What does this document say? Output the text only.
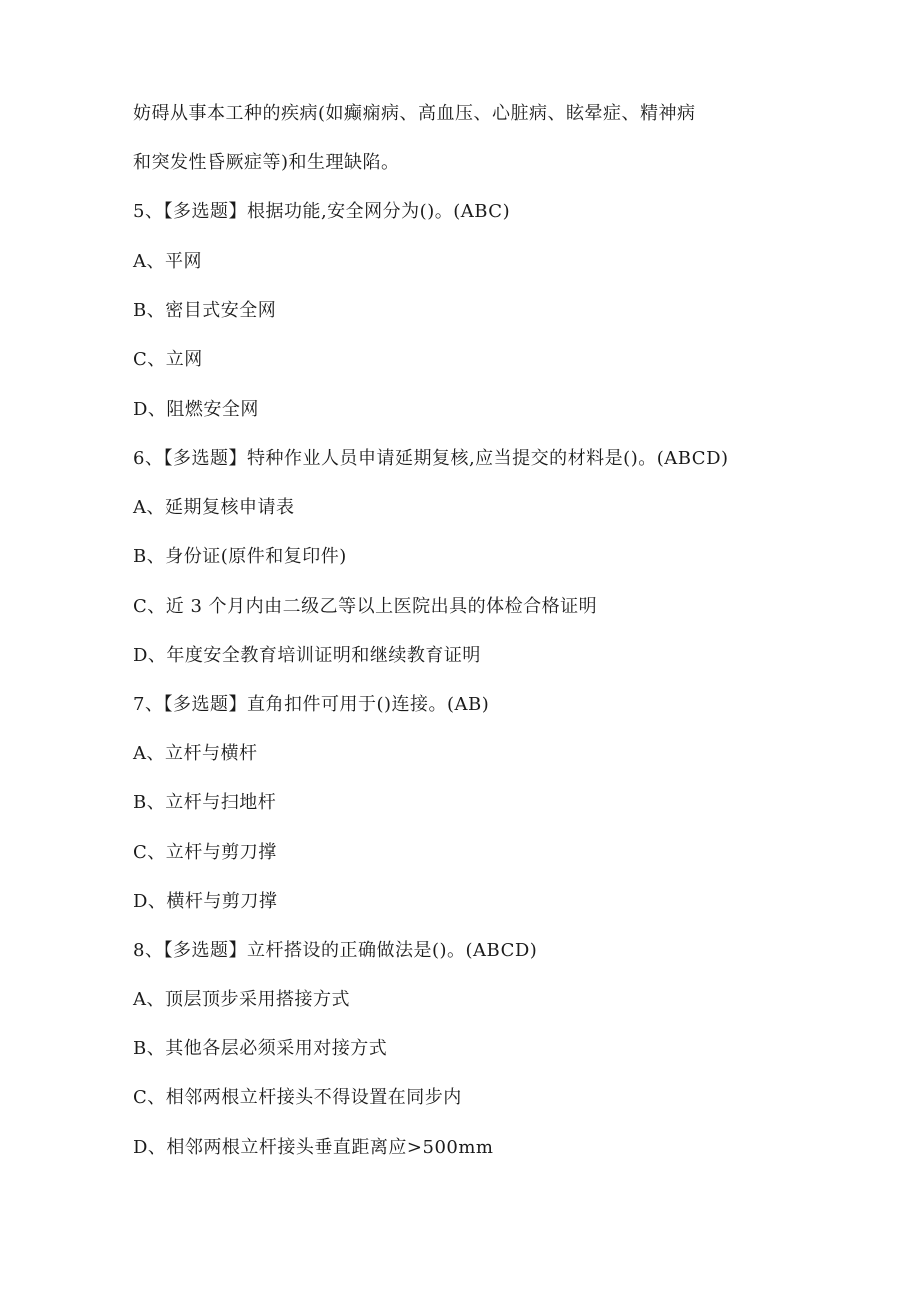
妨碍从事本工种的疾病(如癫痫病、高血压、心脏病、眩晕症、精神病
和突发性昏厥症等)和生理缺陷。
5、【多选题】根据功能,安全网分为()。(ABC)
A、平网
B、密目式安全网
C、立网
D、阻燃安全网
6、【多选题】特种作业人员申请延期复核,应当提交的材料是()。(ABCD)
A、延期复核申请表
B、身份证(原件和复印件)
C、近 3 个月内由二级乙等以上医院出具的体检合格证明
D、年度安全教育培训证明和继续教育证明
7、【多选题】直角扣件可用于()连接。(AB)
A、立杆与横杆
B、立杆与扫地杆
C、立杆与剪刀撑
D、横杆与剪刀撑
8、【多选题】立杆搭设的正确做法是()。(ABCD)
A、顶层顶步采用搭接方式
B、其他各层必须采用对接方式
C、相邻两根立杆接头不得设置在同步内
D、相邻两根立杆接头垂直距离应>500mm
